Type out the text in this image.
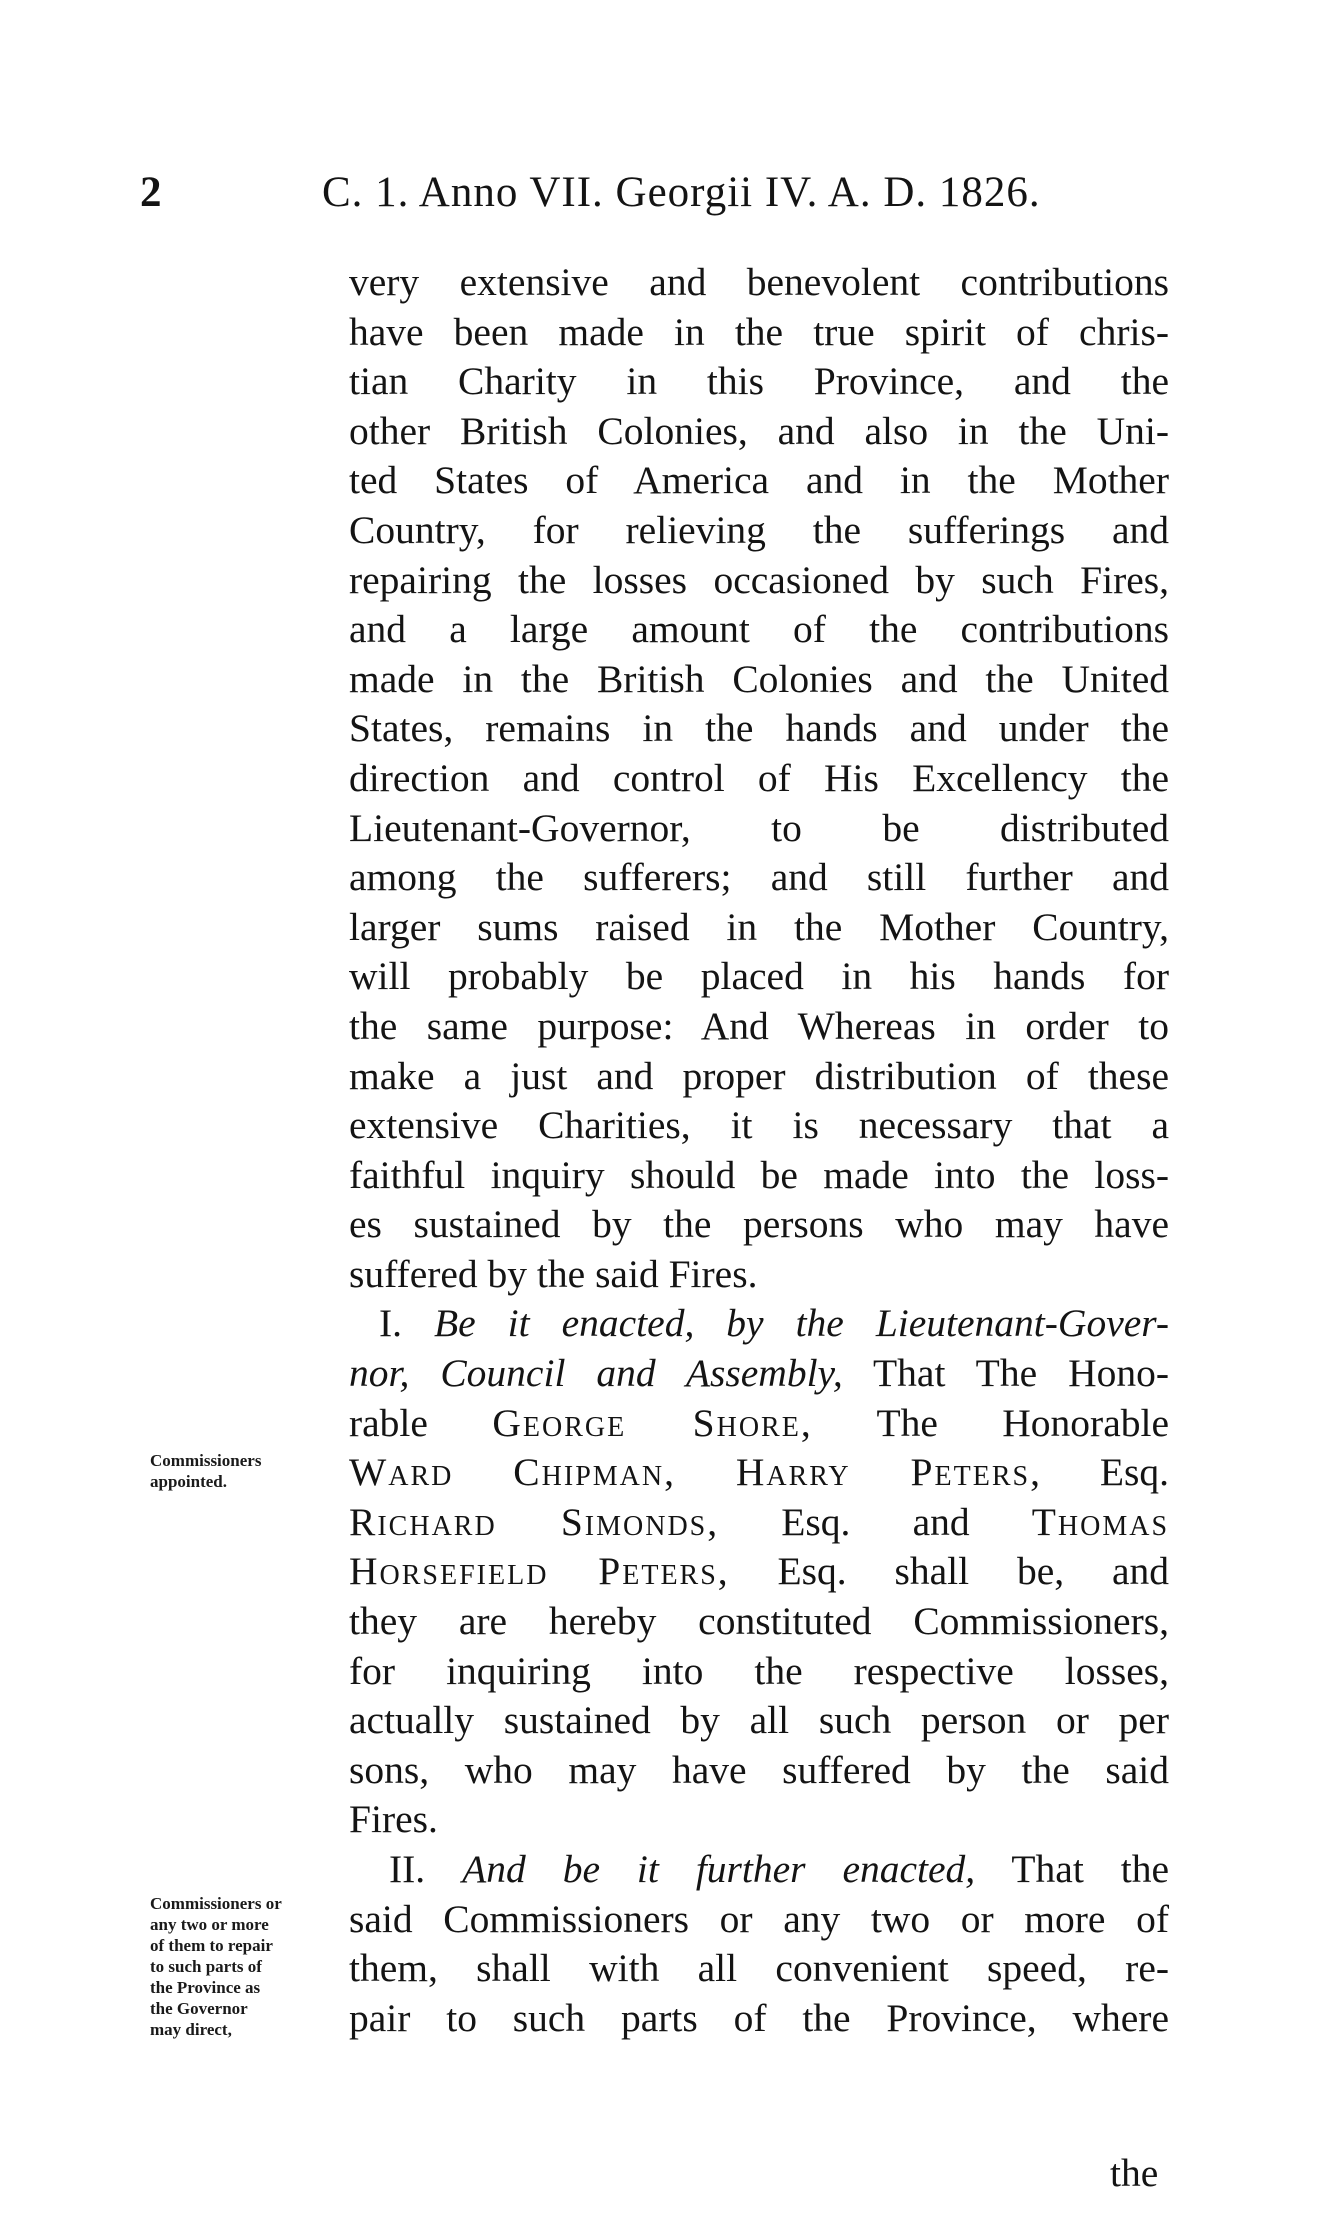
2	C. 1. Anno VII. Georgii IV. A. D. 1826.
very extensive and benevolent contributions
have been made in the true spirit of chris-
tian Charity in this Province, and the
other British Colonies, and also in the Uni-
ted States of America and in the Mother
Country, for relieving the sufferings and
repairing the losses occasioned by such Fires,
and a large amount of the contributions
made in the British Colonies and the United
States, remains in the hands and under the
direction and control of His Excellency the
Lieutenant-Governor, to be distributed
among the sufferers; and still further and
larger sums raised in the Mother Country,
will probably be placed in his hands for
the same purpose: And Whereas in order to
make a just and proper distribution of these
extensive Charities, it is necessary that a
faithful inquiry should be made into the loss-
es sustained by the persons who may have
suffered by the said Fires.
I. Be it enacted, by the Lieutenant-Gover-
nor, Council and Assembly, That The Hono-
rable George Shore, The Honorable
Ward Chipman, Harry Peters, Esq.
Richard Simonds, Esq. and Thomas
Horsefield Peters, Esq. shall be, and
they are hereby constituted Commissioners,
for inquiring into the respective losses,
actually sustained by all such person or per
sons, who may have suffered by the said
Fires.
II. And be it further enacted, That the
said Commissioners or any two or more of
them, shall with all convenient speed, re-
pair to such parts of the Province, where
the
Commissioners
appointed.
Commissioners or
any two or more
of them to repair
to such parts of
the Province as
the Governor
may direct,
